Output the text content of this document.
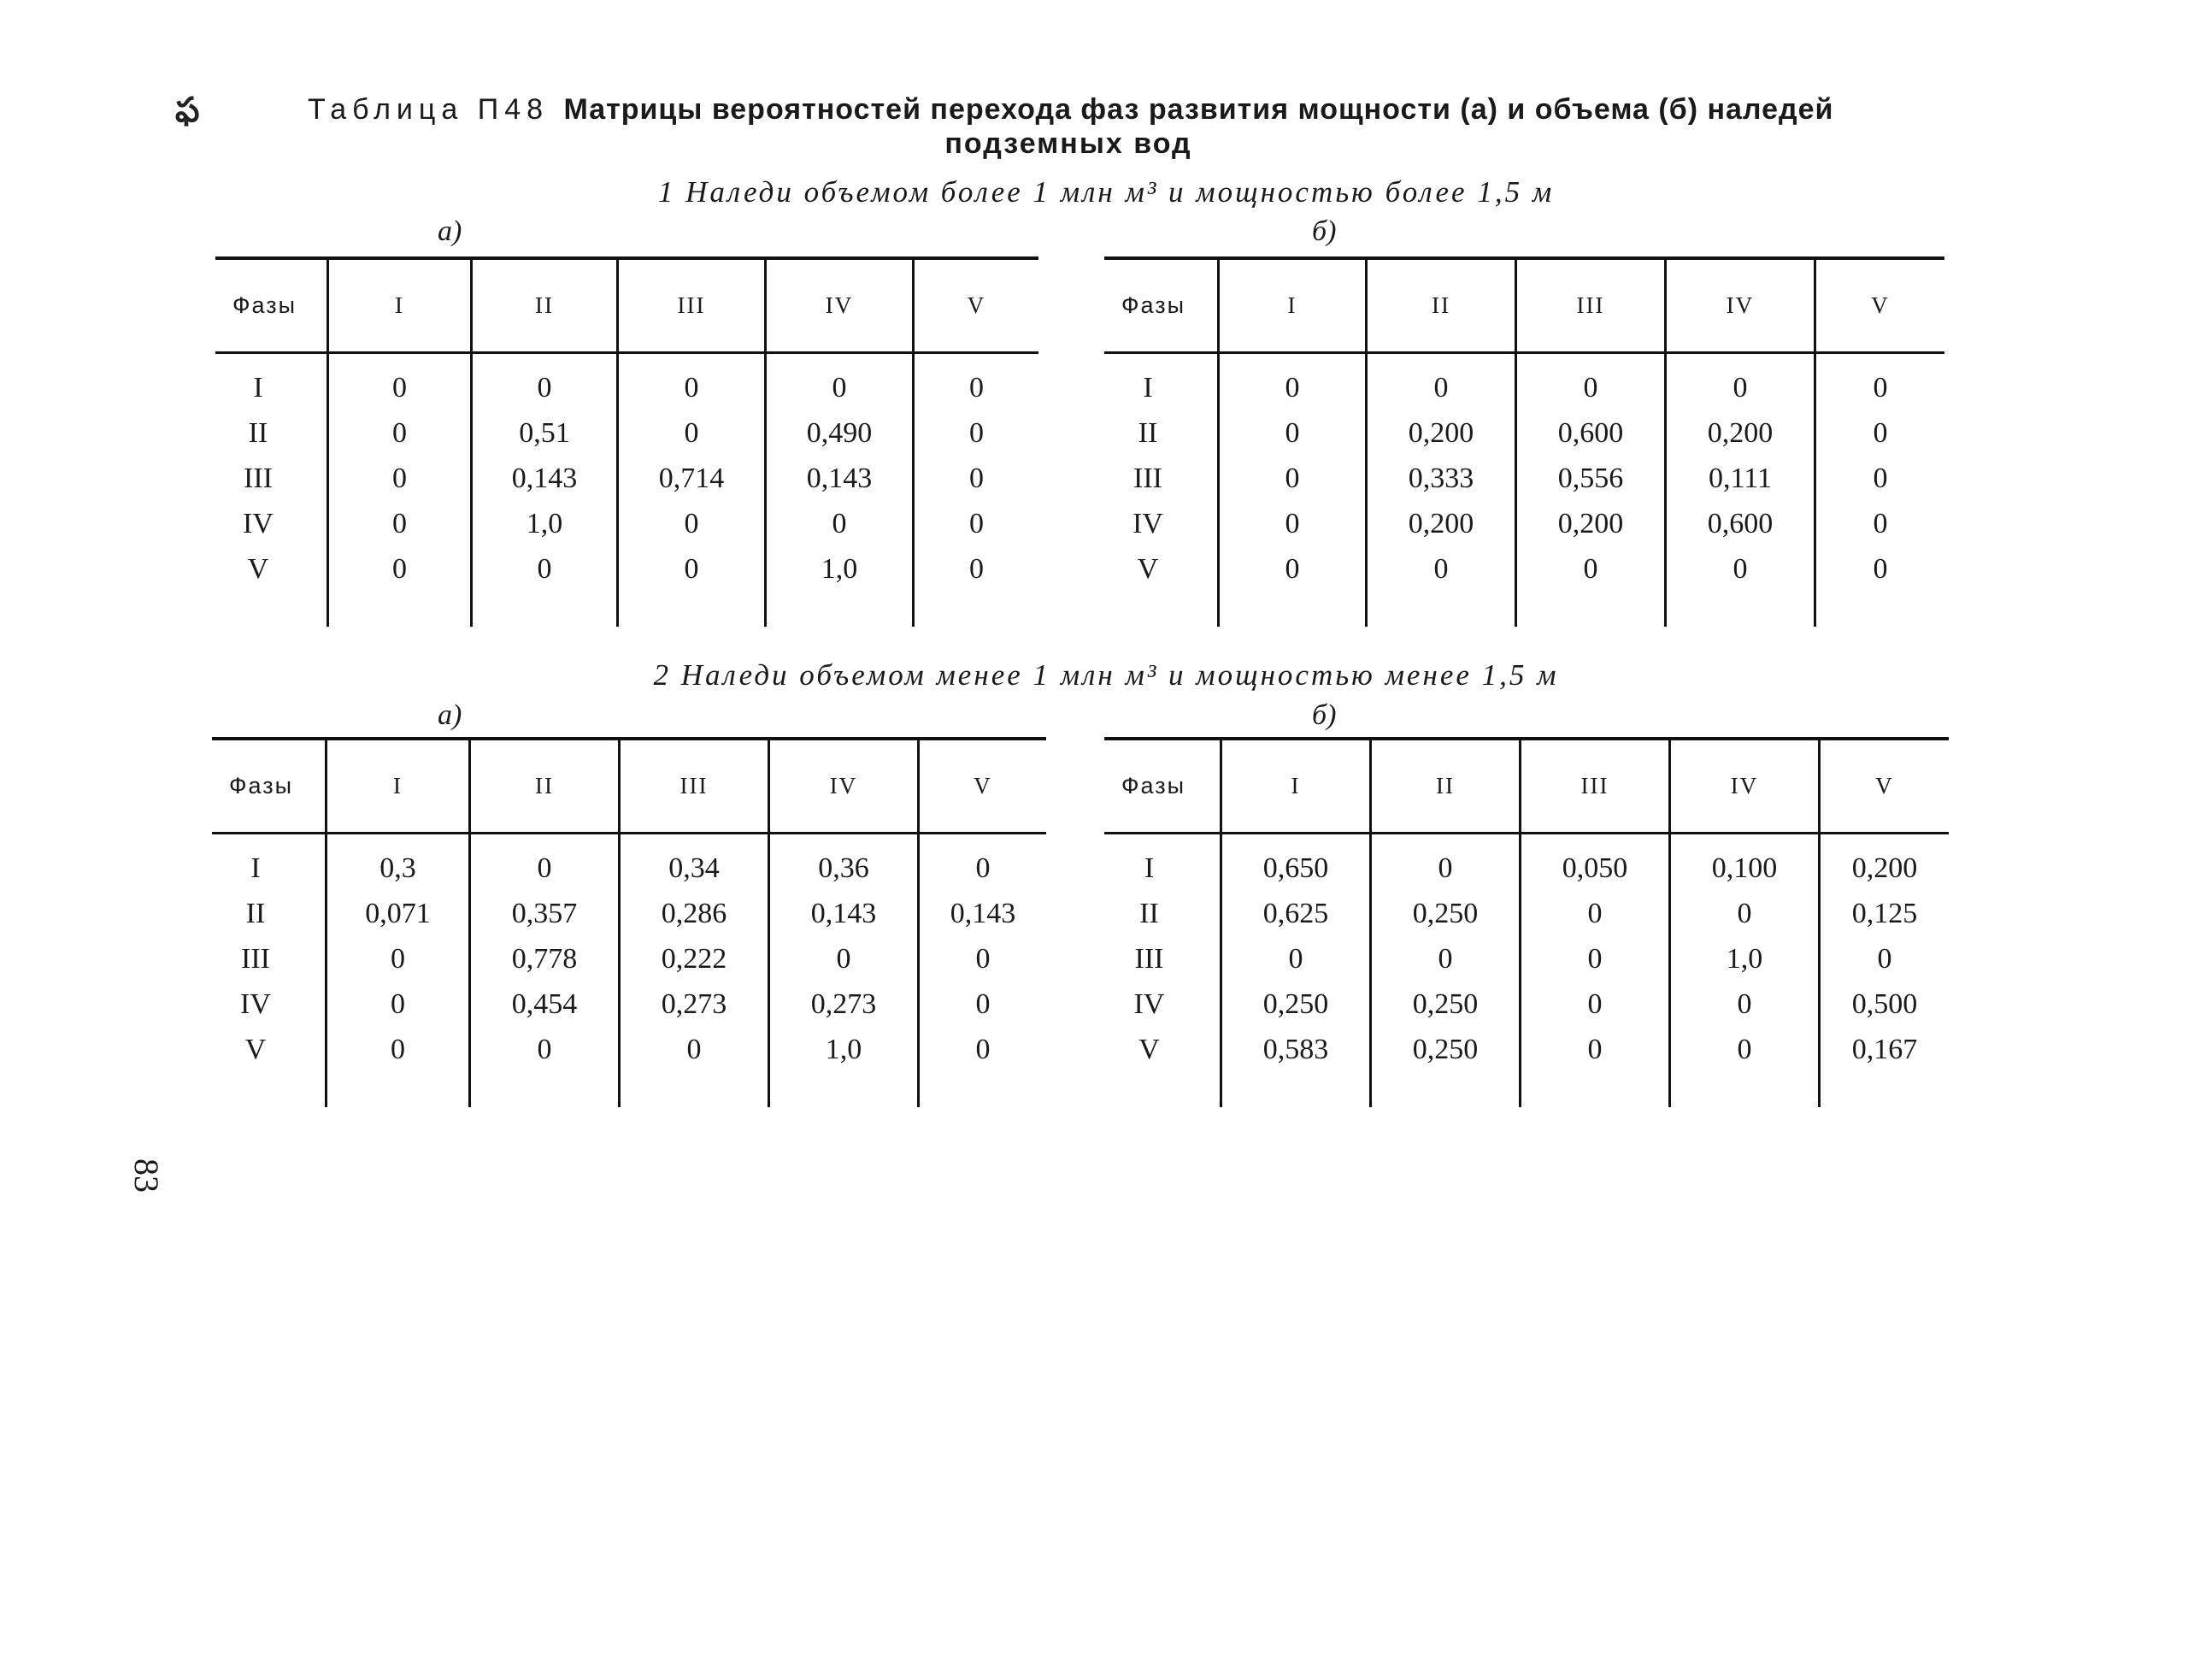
ఫ
83
Таблица П48 Матрицы вероятностей перехода фаз развития мощности (а) и объема (б) наледей
подземных вод
1 Наледи объемом более 1 млн м³ и мощностью более 1,5 м
а)
Фазы	I	II	III	IV	V
I	0	0	0	0	0
II	0	0,51	0	0,490	0
III	0	0,143	0,714	0,143	0
IV	0	1,0	0	0	0
V	0	0	0	1,0	0

б)
Фазы	I	II	III	IV	V
I	0	0	0	0	0
II	0	0,200	0,600	0,200	0
III	0	0,333	0,556	0,111	0
IV	0	0,200	0,200	0,600	0
V	0	0	0	0	0

2 Наледи объемом менее 1 млн м³ и мощностью менее 1,5 м
а)
Фазы	I	II	III	IV	V
I	0,3	0	0,34	0,36	0
II	0,071	0,357	0,286	0,143	0,143
III	0	0,778	0,222	0	0
IV	0	0,454	0,273	0,273	0
V	0	0	0	1,0	0

б)
Фазы	I	II	III	IV	V
I	0,650	0	0,050	0,100	0,200
II	0,625	0,250	0	0	0,125
III	0	0	0	1,0	0
IV	0,250	0,250	0	0	0,500
V	0,583	0,250	0	0	0,167
